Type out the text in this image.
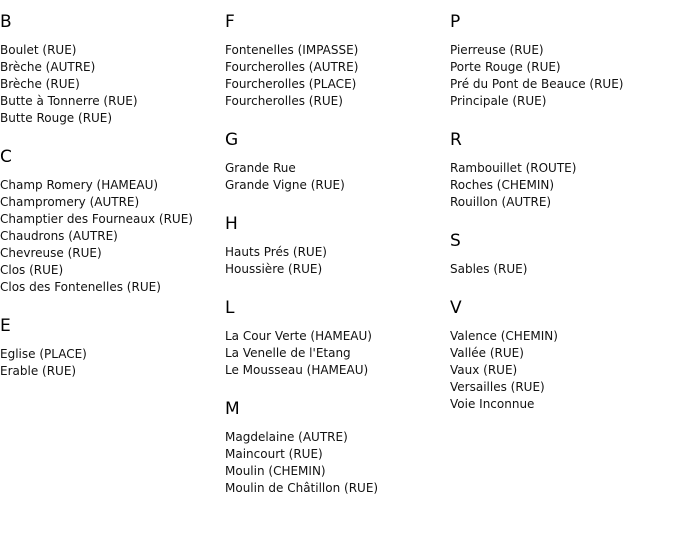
B
Boulet (RUE)
Brèche (AUTRE)
Brèche (RUE)
Butte à Tonnerre (RUE)
Butte Rouge (RUE)
C
Champ Romery (HAMEAU)
Champromery (AUTRE)
Champtier des Fourneaux (RUE)
Chaudrons (AUTRE)
Chevreuse (RUE)
Clos (RUE)
Clos des Fontenelles (RUE)
E
Eglise (PLACE)
Erable (RUE)
F
Fontenelles (IMPASSE)
Fourcherolles (AUTRE)
Fourcherolles (PLACE)
Fourcherolles (RUE)
G
Grande Rue
Grande Vigne (RUE)
H
Hauts Prés (RUE)
Houssière (RUE)
L
La Cour Verte (HAMEAU)
La Venelle de l'Etang
Le Mousseau (HAMEAU)
M
Magdelaine (AUTRE)
Maincourt (RUE)
Moulin (CHEMIN)
Moulin de Châtillon (RUE)
P
Pierreuse (RUE)
Porte Rouge (RUE)
Pré du Pont de Beauce (RUE)
Principale (RUE)
R
Rambouillet (ROUTE)
Roches (CHEMIN)
Rouillon (AUTRE)
S
Sables (RUE)
V
Valence (CHEMIN)
Vallée (RUE)
Vaux (RUE)
Versailles (RUE)
Voie Inconnue
